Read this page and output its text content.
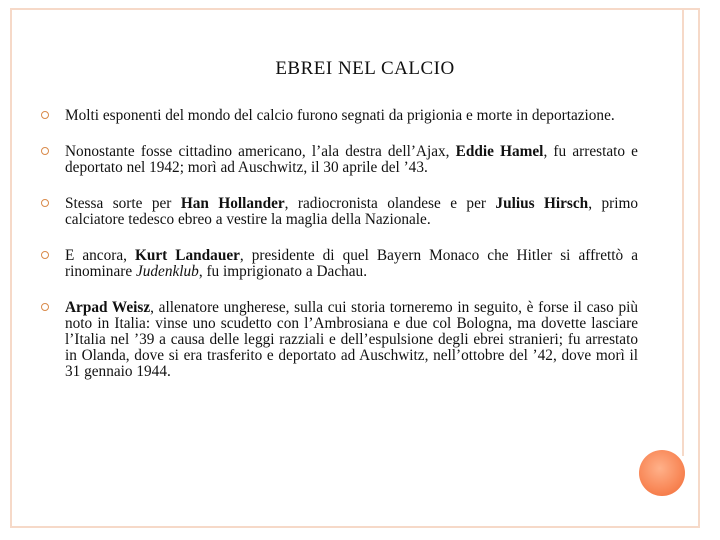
EBREI NEL CALCIO

Molti esponenti del mondo del calcio furono segnati da prigionia e morte in deportazione.

Nonostante fosse cittadino americano, l’ala destra dell’Ajax, Eddie Hamel, fu arrestato e deportato nel 1942; morì ad Auschwitz, il 30 aprile del ’43.

Stessa sorte per Han Hollander, radiocronista olandese e per Julius Hirsch, primo calciatore tedesco ebreo a vestire la maglia della Nazionale.

E ancora, Kurt Landauer, presidente di quel Bayern Monaco che Hitler si affrettò a rinominare Judenklub, fu imprigionato a Dachau.

Arpad Weisz, allenatore ungherese, sulla cui storia torneremo in seguito, è forse il caso più noto in Italia: vinse uno scudetto con l’Ambrosiana e due col Bologna, ma dovette lasciare l’Italia nel ’39 a causa delle leggi razziali e dell’espulsione degli ebrei stranieri; fu arrestato in Olanda, dove si era trasferito e deportato ad Auschwitz, nell’ottobre del ’42, dove morì il 31 gennaio 1944.
